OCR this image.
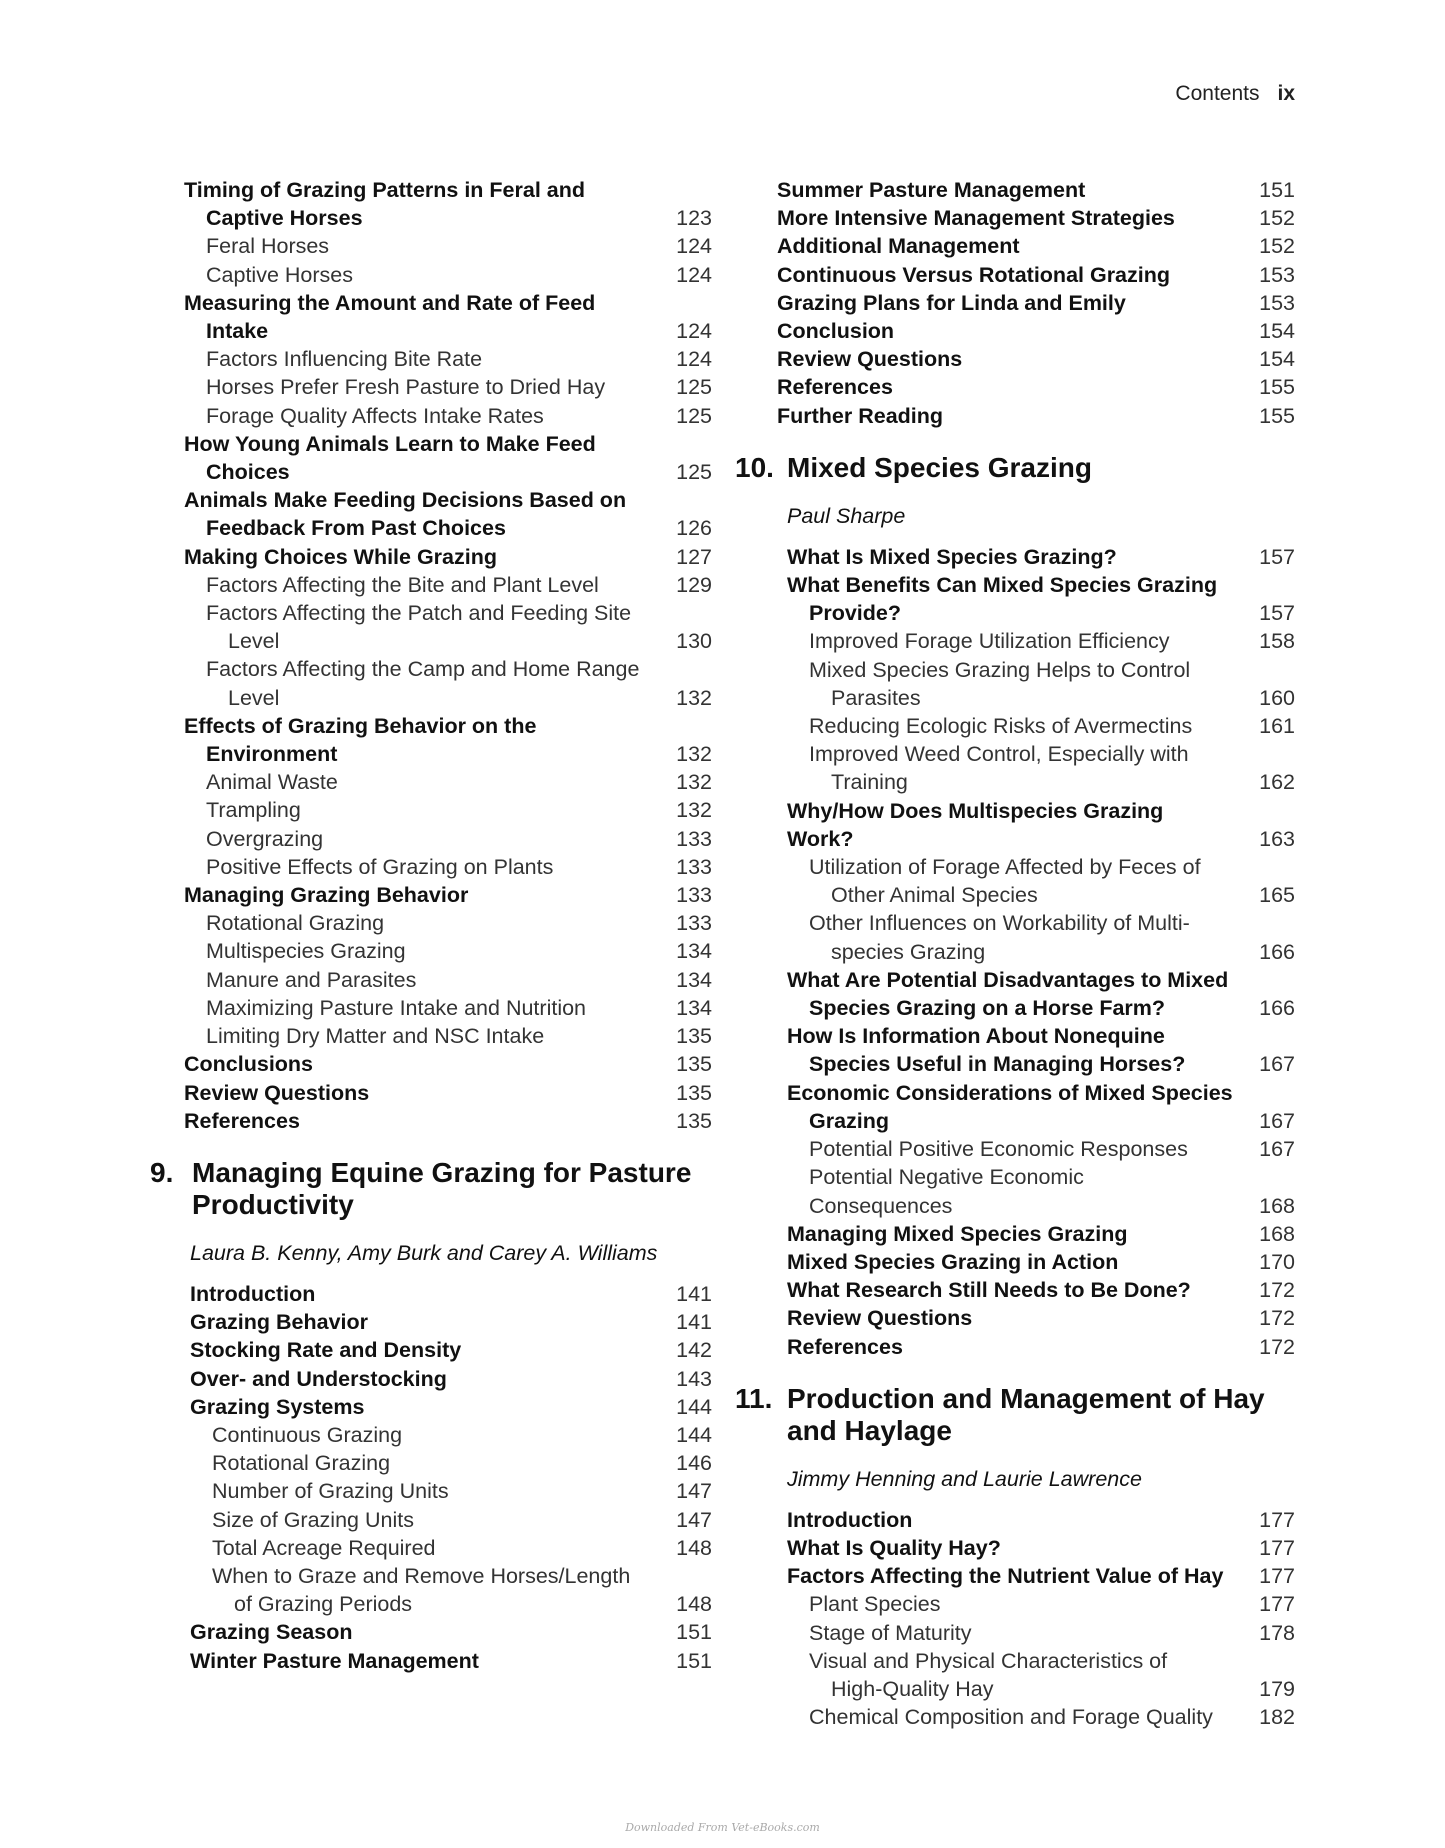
Contents ix
Timing of Grazing Patterns in Feral and
Captive Horses	123
Feral Horses	124
Captive Horses	124
Measuring the Amount and Rate of Feed
Intake	124
Factors Influencing Bite Rate	124
Horses Prefer Fresh Pasture to Dried Hay	125
Forage Quality Affects Intake Rates	125
How Young Animals Learn to Make Feed
Choices	125
Animals Make Feeding Decisions Based on
Feedback From Past Choices	126
Making Choices While Grazing	127
Factors Affecting the Bite and Plant Level	129
Factors Affecting the Patch and Feeding Site
Level	130
Factors Affecting the Camp and Home Range
Level	132
Effects of Grazing Behavior on the
Environment	132
Animal Waste	132
Trampling	132
Overgrazing	133
Positive Effects of Grazing on Plants	133
Managing Grazing Behavior	133
Rotational Grazing	133
Multispecies Grazing	134
Manure and Parasites	134
Maximizing Pasture Intake and Nutrition	134
Limiting Dry Matter and NSC Intake	135
Conclusions	135
Review Questions	135
References	135
9. Managing Equine Grazing for Pasture
Productivity
Laura B. Kenny, Amy Burk and Carey A. Williams
Introduction	141
Grazing Behavior	141
Stocking Rate and Density	142
Over- and Understocking	143
Grazing Systems	144
Continuous Grazing	144
Rotational Grazing	146
Number of Grazing Units	147
Size of Grazing Units	147
Total Acreage Required	148
When to Graze and Remove Horses/Length
of Grazing Periods	148
Grazing Season	151
Winter Pasture Management	151
Summer Pasture Management	151
More Intensive Management Strategies	152
Additional Management	152
Continuous Versus Rotational Grazing	153
Grazing Plans for Linda and Emily	153
Conclusion	154
Review Questions	154
References	155
Further Reading	155
10. Mixed Species Grazing
Paul Sharpe
What Is Mixed Species Grazing?	157
What Benefits Can Mixed Species Grazing
Provide?	157
Improved Forage Utilization Efficiency	158
Mixed Species Grazing Helps to Control
Parasites	160
Reducing Ecologic Risks of Avermectins	161
Improved Weed Control, Especially with
Training	162
Why/How Does Multispecies Grazing Work?	163
Utilization of Forage Affected by Feces of
Other Animal Species	165
Other Influences on Workability of Multi-
species Grazing	166
What Are Potential Disadvantages to Mixed
Species Grazing on a Horse Farm?	166
How Is Information About Nonequine
Species Useful in Managing Horses?	167
Economic Considerations of Mixed Species
Grazing	167
Potential Positive Economic Responses	167
Potential Negative Economic Consequences	168
Managing Mixed Species Grazing	168
Mixed Species Grazing in Action	170
What Research Still Needs to Be Done?	172
Review Questions	172
References	172
11. Production and Management of Hay
and Haylage
Jimmy Henning and Laurie Lawrence
Introduction	177
What Is Quality Hay?	177
Factors Affecting the Nutrient Value of Hay	177
Plant Species	177
Stage of Maturity	178
Visual and Physical Characteristics of
High-Quality Hay	179
Chemical Composition and Forage Quality	182
Downloaded From Vet-eBooks.com
